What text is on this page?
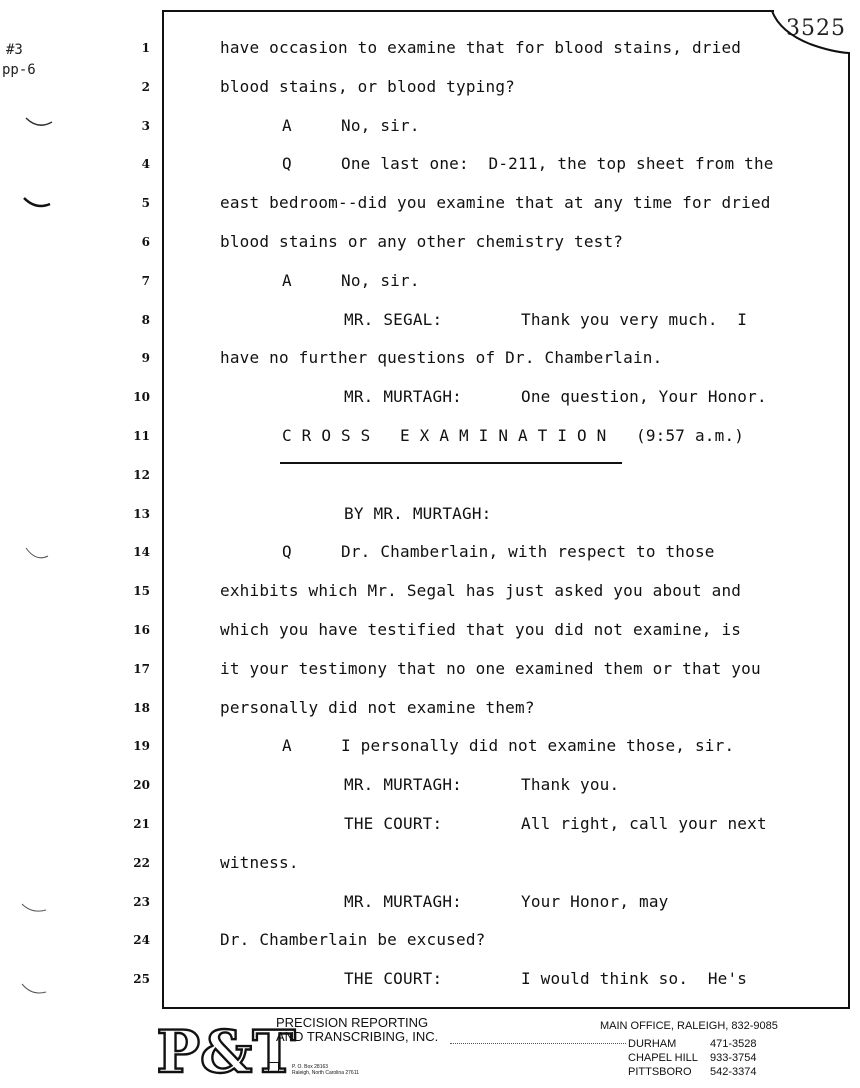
#3
pp-6
3525
1	have occasion to examine that for blood stains, dried
2	blood stains, or blood typing?
3	A     No, sir.
4	Q     One last one:  D-211, the top sheet from the
5	east bedroom--did you examine that at any time for dried
6	blood stains or any other chemistry test?
7	A     No, sir.
8	MR. SEGAL:        Thank you very much.  I
9	have no further questions of Dr. Chamberlain.
10	MR. MURTAGH:      One question, Your Honor.
11	C R O S S   E X A M I N A T I O N   (9:57 a.m.)
12
13	BY MR. MURTAGH:
14	Q     Dr. Chamberlain, with respect to those
15	exhibits which Mr. Segal has just asked you about and
16	which you have testified that you did not examine, is
17	it your testimony that no one examined them or that you
18	personally did not examine them?
19	A     I personally did not examine those, sir.
20	MR. MURTAGH:      Thank you.
21	THE COURT:        All right, call your next
22	witness.
23	MR. MURTAGH:      Your Honor, may
24	Dr. Chamberlain be excused?
25	THE COURT:        I would think so.  He's
P&T
PRECISION REPORTING
AND TRANSCRIBING, INC.
P. O. Box 28163
Raleigh, North Carolina 27611
MAIN OFFICE, RALEIGH, 832-9085
DURHAM	471-3528
CHAPEL HILL 933-3754
PITTSBORO 542-3374
